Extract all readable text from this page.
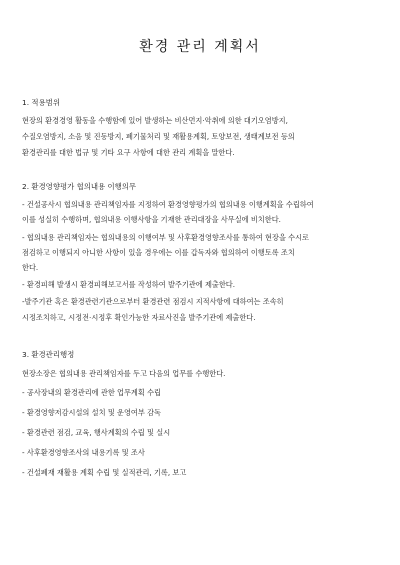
환경 관리 계획서
1. 적용범위
현장의 환경경영 활동을 수행함에 있어 발생하는 비산먼지·악취에 의한 대기오염방지,
수질오염방지, 소음 및 진동방지, 폐기물처리 및 재활용계획, 토양보전, 생태계보전 등의
환경관리를 대한 법규 및 기타 요구 사항에 대한 관리 계획을 말한다.
2. 환경영향평가 협의내용 이행의무
- 건설공사시 협의내용 관리책임자를 지정하여 환경영향평가의 협의내용 이행계획을 수립하여
이를 성실히 수행하며, 협의내용 이행사항을 기재한 관리대장을 사무실에 비치한다.
- 협의내용 관리책임자는 협의내용의 이행여부 및 사후환경영향조사를 통하여 현장을 수시로
점검하고 이행되지 아니한 사항이 있을 경우에는 이를 갑독자와 협의하여 이행토록 조치
한다.
- 환경피해 발생시 환경피해보고서를 작성하여 발주기관에 제출한다.
-발주기관 혹은 환경관련기관으로부터 환경관련 점검시 지적사항에 대하여는 조속히
시정조치하고, 시정전·시정후 확인가능한 자료사진을 발주기관에 제출한다.
3. 환경관리행정
현장소장은 협의내용 관리책임자를 두고 다음의 업무를 수행한다.
- 공사장내의 환경관리에 관한 업무계획 수립
- 환경영향저감시설의 설치 및 운영여부 감독
- 환경관련 점검, 교육, 행사계획의 수립 및 실시
- 사후환경영향조사의 내용기록 및 조사
- 건설폐재 재활용 계획 수립 및 실적관리, 기록, 보고
